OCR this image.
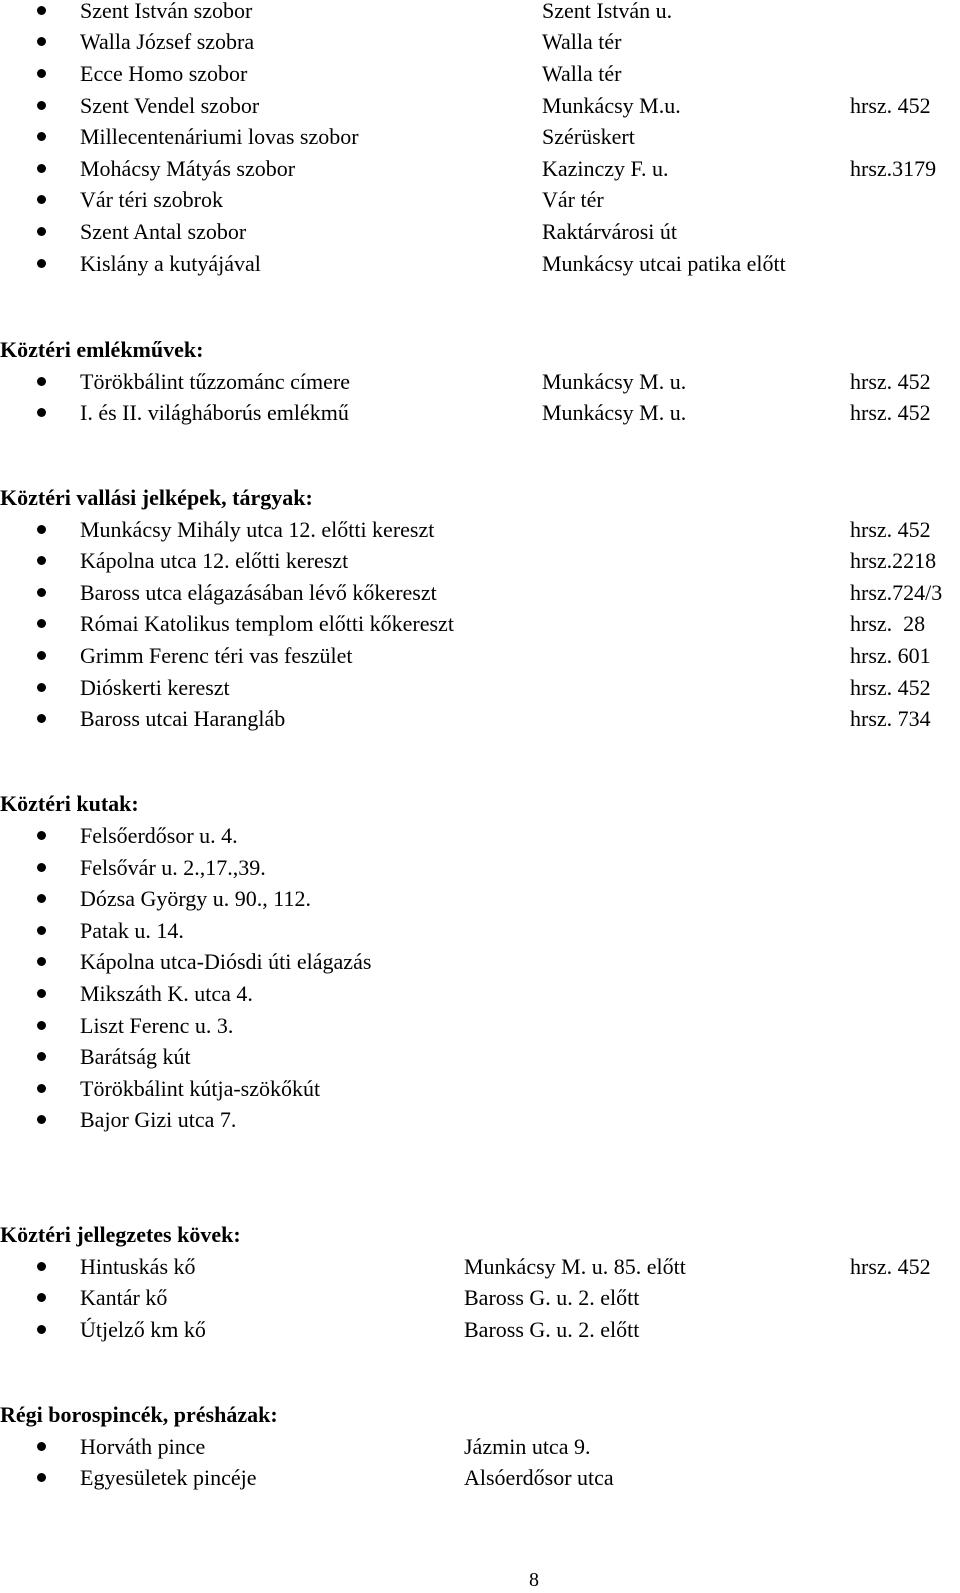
Szent István szobor	Szent István u.
Walla József szobra	Walla tér
Ecce Homo szobor	Walla tér
Szent Vendel szobor	Munkácsy M.u.	hrsz. 452
Millecentenáriumi lovas szobor	Szérüskert
Mohácsy Mátyás szobor	Kazinczy F. u.	hrsz.3179
Vár téri szobrok	Vár tér
Szent Antal szobor	Raktárvárosi út
Kislány a kutyájával	Munkácsy utcai patika előtt
Köztéri emlékművek:
Törökbálint tűzzománc címere	Munkácsy M. u.	hrsz. 452
I. és II. világháborús emlékmű	Munkácsy M. u.	hrsz. 452
Köztéri vallási jelképek, tárgyak:
Munkácsy Mihály utca 12. előtti kereszt	hrsz. 452
Kápolna utca 12. előtti kereszt	hrsz.2218
Baross utca elágazásában lévő kőkereszt	hrsz.724/3
Római Katolikus templom előtti kőkereszt	hrsz.  28
Grimm Ferenc téri vas feszület	hrsz. 601
Dióskerti kereszt	hrsz. 452
Baross utcai Harangláb	hrsz. 734
Köztéri kutak:
Felsőerdősor u. 4.
Felsővár u. 2.,17.,39.
Dózsa György u. 90., 112.
Patak u. 14.
Kápolna utca-Diósdi úti elágazás
Mikszáth K. utca 4.
Liszt Ferenc u. 3.
Barátság kút
Törökbálint kútja-szökőkút
Bajor Gizi utca 7.
Köztéri jellegzetes kövek:
Hintuskás kő	Munkácsy M. u. 85. előtt	hrsz. 452
Kantár kő	Baross G. u. 2. előtt
Útjelző km kő	Baross G. u. 2. előtt
Régi borospincék, présházak:
Horváth pince	Jázmin utca 9.
Egyesületek pincéje	Alsóerdősor utca
8
